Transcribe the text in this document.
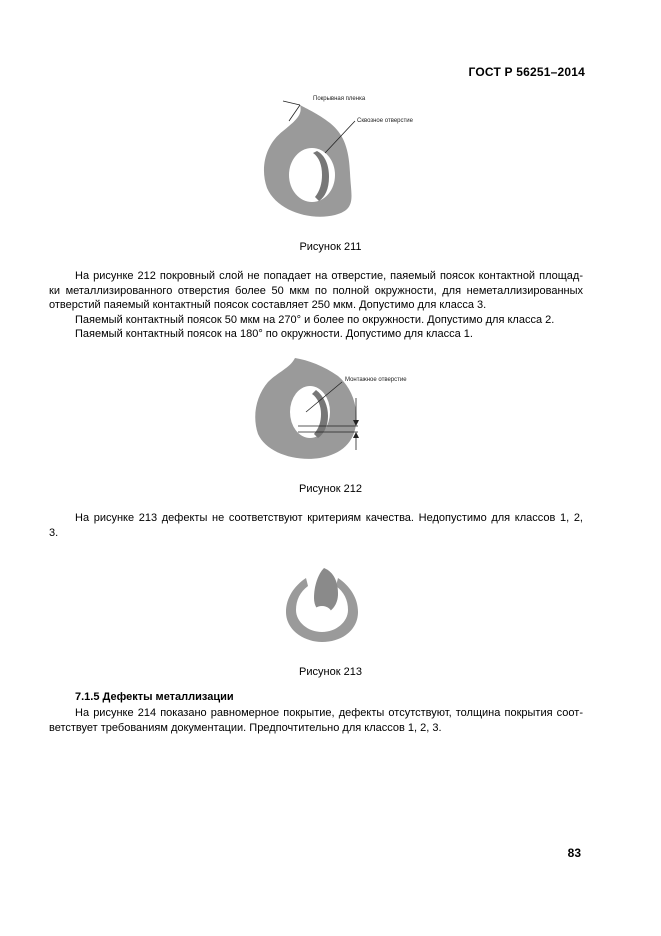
ГОСТ Р 56251–2014
Покрывная пленка
Сквозное отверстие
Рисунок 211
На рисунке 212 покровный слой не попадает на отверстие, паяемый поясок контактной площад-
ки металлизированного отверстия более 50 мкм по полной окружности, для неметаллизированных
отверстий паяемый контактный поясок составляет 250 мкм. Допустимо для класса 3.
Паяемый контактный поясок 50 мкм на 270° и более по окружности. Допустимо для класса 2.
Паяемый контактный поясок на 180° по окружности. Допустимо для класса 1.
Монтажное отверстие
Рисунок 212
На рисунке 213 дефекты не соответствуют критериям качества. Недопустимо для классов 1, 2,
3.
Рисунок 213
7.1.5 Дефекты металлизации
На рисунке 214 показано равномерное покрытие, дефекты отсутствуют, толщина покрытия соот-
ветствует требованиям документации. Предпочтительно для классов 1, 2, 3.
83
